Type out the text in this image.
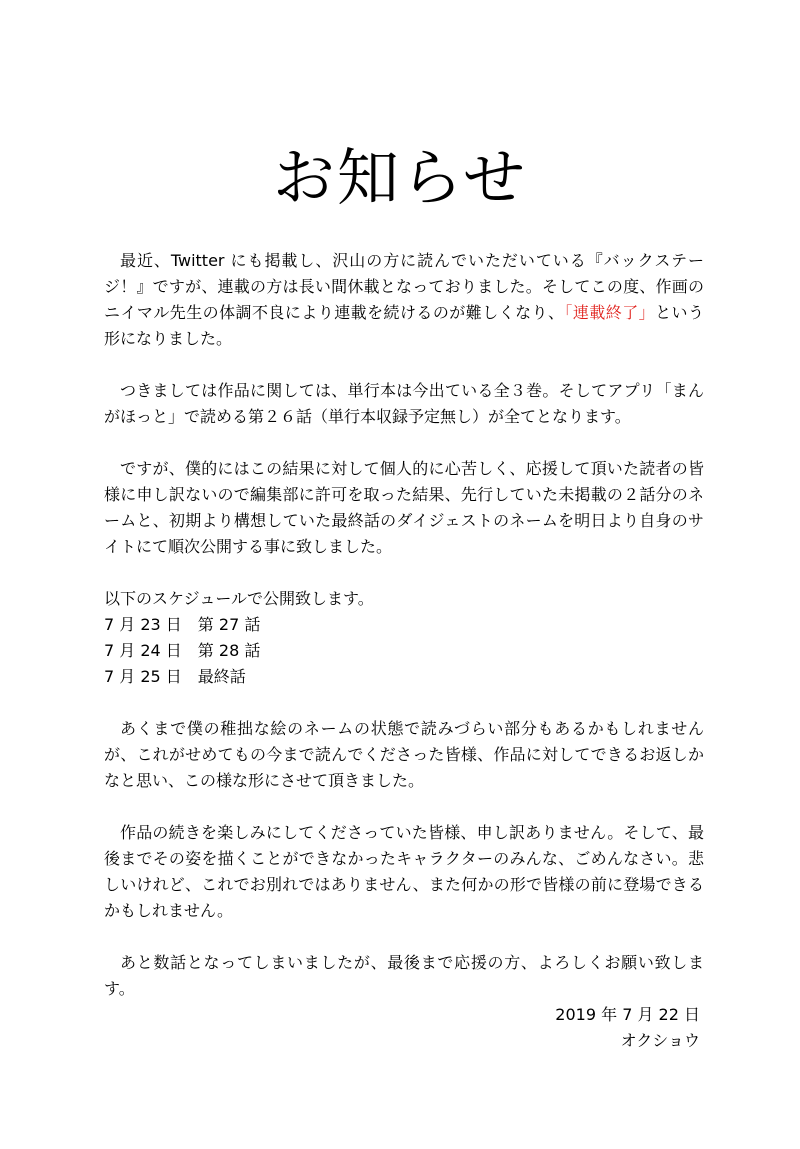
お知らせ

最近、Twitter にも掲載し、沢山の方に読んでいただいている『バックステージ！』ですが、連載の方は長い間休載となっておりました。そしてこの度、作画のニイマル先生の体調不良により連載を続けるのが難しくなり、「連載終了」という形になりました。

つきましては作品に関しては、単行本は今出ている全３巻。そしてアプリ「まんがほっと」で読める第２６話（単行本収録予定無し）が全てとなります。

ですが、僕的にはこの結果に対して個人的に心苦しく、応援して頂いた読者の皆様に申し訳ないので編集部に許可を取った結果、先行していた未掲載の２話分のネームと、初期より構想していた最終話のダイジェストのネームを明日より自身のサイトにて順次公開する事に致しました。

以下のスケジュールで公開致します。
7 月 23 日　第 27 話
7 月 24 日　第 28 話
7 月 25 日　最終話

あくまで僕の稚拙な絵のネームの状態で読みづらい部分もあるかもしれませんが、これがせめてもの今まで読んでくださった皆様、作品に対してできるお返しかなと思い、この様な形にさせて頂きました。

作品の続きを楽しみにしてくださっていた皆様、申し訳ありません。そして、最後までその姿を描くことができなかったキャラクターのみんな、ごめんなさい。悲しいけれど、これでお別れではありません、また何かの形で皆様の前に登場できるかもしれません。

あと数話となってしまいましたが、最後まで応援の方、よろしくお願い致します。

2019 年 7 月 22 日
オクショウ
